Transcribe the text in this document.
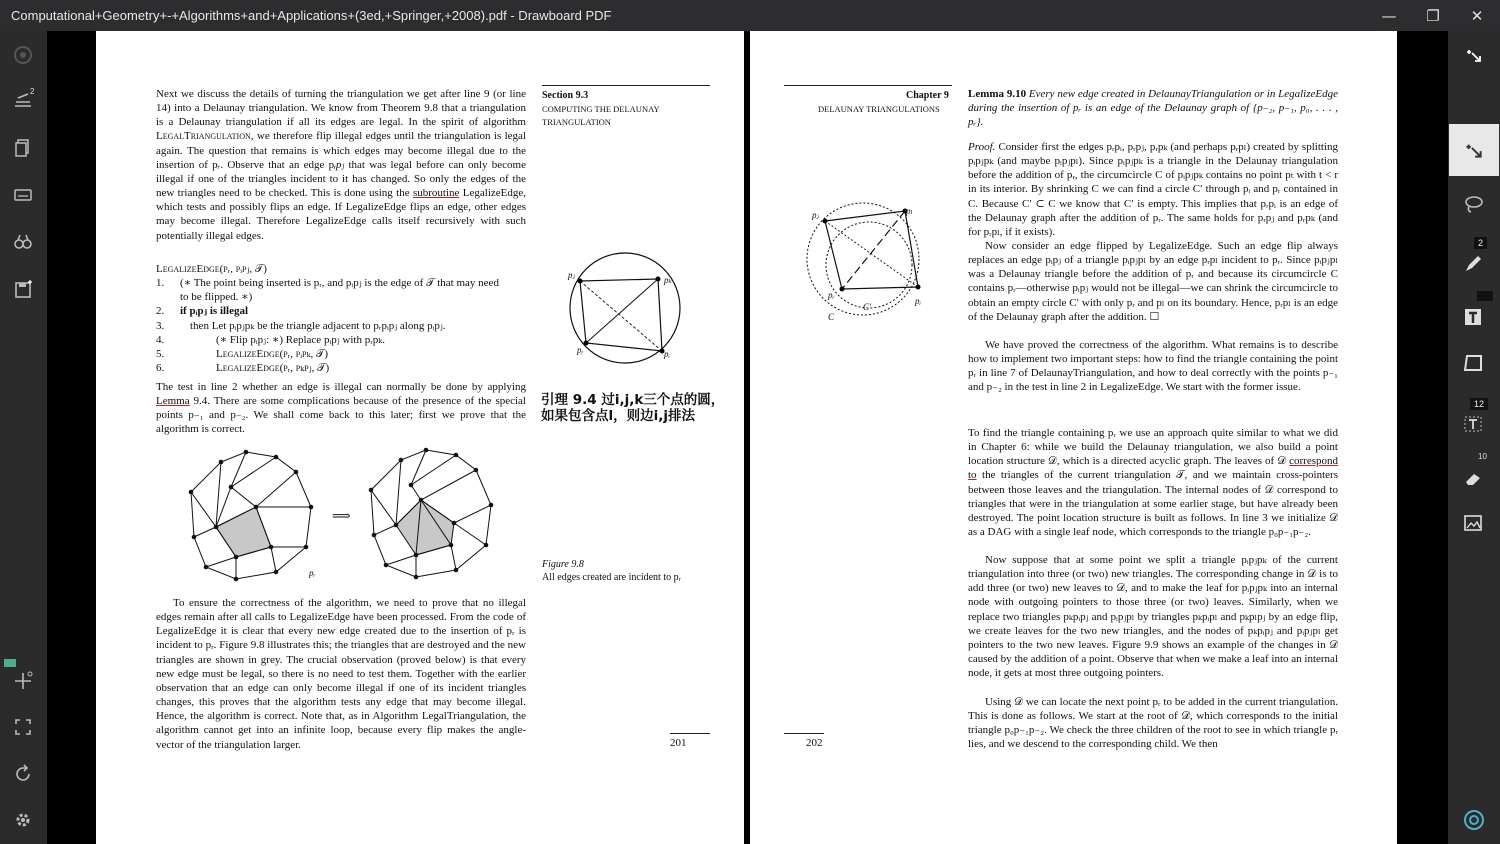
Computational+Geometry+-+Algorithms+and+Applications+(3ed,+Springer,+2008).pdf - Drawboard PDF	—	❐	✕
2
2
12
10
Section 9.3
COMPUTING THE DELAUNAY
TRIANGULATION
Next we discuss the details of turning the triangulation we get after line 9 (or line 14) into a Delaunay triangulation. We know from Theorem 9.8 that a triangulation is a Delaunay triangulation if all its edges are legal. In the spirit of algorithm LegalTriangulation, we therefore flip illegal edges until the triangulation is legal again. The question that remains is which edges may become illegal due to the insertion of pᵣ. Observe that an edge pᵢpⱼ that was legal before can only become illegal if one of the triangles incident to it has changed. So only the edges of the new triangles need to be checked. This is done using the subroutine LegalizeEdge, which tests and possibly flips an edge. If LegalizeEdge flips an edge, other edges may become illegal. Therefore LegalizeEdge calls itself recursively with such potentially illegal edges.
LegalizeEdge(pᵣ, pᵢpⱼ, 𝒯)
1. (∗ The point being inserted is pᵣ, and pᵢpⱼ is the edge of 𝒯 that may need
to be flipped. ∗)
2. if pᵢpⱼ is illegal
3. then Let pᵢpⱼpₖ be the triangle adjacent to pᵣpᵢpⱼ along pᵢpⱼ.
4.	(∗ Flip pᵢpⱼ: ∗) Replace pᵢpⱼ with pᵣpₖ.
5.	LegalizeEdge(pᵣ, pᵢpₖ, 𝒯)
6.	LegalizeEdge(pᵣ, pₖpⱼ, 𝒯)
The test in line 2 whether an edge is illegal can normally be done by applying Lemma 9.4. There are some complications because of the presence of the special points p₋₁ and p₋₂. We shall come back to this later; first we prove that the algorithm is correct.
引理 9.4 过i,j,k三个点的圆，
如果包含点l，则边i,j排法
pⱼ	pₖ
pᵣ	pᵢ
⟹
pᵣ
Figure 9.8
All edges created are incident to pᵣ
To ensure the correctness of the algorithm, we need to prove that no illegal edges remain after all calls to LegalizeEdge have been processed. From the code of LegalizeEdge it is clear that every new edge created due to the insertion of pᵣ is incident to pᵣ. Figure 9.8 illustrates this; the triangles that are destroyed and the new triangles are shown in grey. The crucial observation (proved below) is that every new edge must be legal, so there is no need to test them. Together with the earlier observation that an edge can only become illegal if one of its incident triangles changes, this proves that the algorithm tests any edge that may become illegal. Hence, the algorithm is correct. Note that, as in Algorithm LegalTriangulation, the algorithm cannot get into an infinite loop, because every flip makes the angle-vector of the triangulation larger.	201
Chapter 9
DELAUNAY TRIANGULATIONS
Lemma 9.10 Every new edge created in DelaunayTriangulation or in LegalizeEdge during the insertion of pᵣ is an edge of the Delaunay graph of {p₋₂, p₋₁, p₀, . . . , pᵣ}.
Proof. Consider first the edges pᵣpᵢ, pᵣpⱼ, pᵣpₖ (and perhaps pᵣpₗ) created by splitting pᵢpⱼpₖ (and maybe pᵢpⱼpₗ). Since pᵢpⱼpₖ is a triangle in the Delaunay triangulation before the addition of pᵣ, the circumcircle C of pᵢpⱼpₖ contains no point pₜ with t < r in its interior. By shrinking C we can find a circle C′ through pᵢ and pᵣ contained in C. Because C′ ⊂ C we know that C′ is empty. This implies that pᵣpᵢ is an edge of the Delaunay graph after the addition of pᵣ. The same holds for pᵣpⱼ and pᵣpₖ (and for pᵣpₗ, if it exists).
Now consider an edge flipped by LegalizeEdge. Such an edge flip always replaces an edge pᵢpⱼ of a triangle pᵢpⱼpₗ by an edge pᵣpₗ incident to pᵣ. Since pᵢpⱼpₗ was a Delaunay triangle before the addition of pᵣ and because its circumcircle C contains pᵣ—otherwise pᵢpⱼ would not be illegal—we can shrink the circumcircle to obtain an empty circle C′ with only pᵣ and pₗ on its boundary. Hence, pᵣpₗ is an edge of the Delaunay graph after the addition. ☐
pⱼ	pₗ
pᵣ
pᵢ
C
C′
We have proved the correctness of the algorithm. What remains is to describe how to implement two important steps: how to find the triangle containing the point pᵣ in line 7 of DelaunayTriangulation, and how to deal correctly with the points p₋₁ and p₋₂ in the test in line 2 in LegalizeEdge. We start with the former issue.
To find the triangle containing pᵣ we use an approach quite similar to what we did in Chapter 6: while we build the Delaunay triangulation, we also build a point location structure 𝒟, which is a directed acyclic graph. The leaves of 𝒟 correspond to the triangles of the current triangulation 𝒯, and we maintain cross-pointers between those leaves and the triangulation. The internal nodes of 𝒟 correspond to triangles that were in the triangulation at some earlier stage, but have already been destroyed. The point location structure is built as follows. In line 3 we initialize 𝒟 as a DAG with a single leaf node, which corresponds to the triangle p₀p₋₁p₋₂.
Now suppose that at some point we split a triangle pᵢpⱼpₖ of the current triangulation into three (or two) new triangles. The corresponding change in 𝒟 is to add three (or two) new leaves to 𝒟, and to make the leaf for pᵢpⱼpₖ into an internal node with outgoing pointers to those three (or two) leaves. Similarly, when we replace two triangles pₖpᵢpⱼ and pᵢpⱼpₗ by triangles pₖpᵢpₗ and pₖpₗpⱼ by an edge flip, we create leaves for the two new triangles, and the nodes of pₖpᵢpⱼ and pᵢpⱼpₗ get pointers to the two new leaves. Figure 9.9 shows an example of the changes in 𝒟 caused by the addition of a point. Observe that when we make a leaf into an internal node, it gets at most three outgoing pointers.
Using 𝒟 we can locate the next point pᵣ to be added in the current triangulation. This is done as follows. We start at the root of 𝒟, which corresponds to the initial triangle p₀p₋₁p₋₂. We check the three children of the root to see in which triangle pᵣ lies, and we descend to the corresponding child. We then
202
